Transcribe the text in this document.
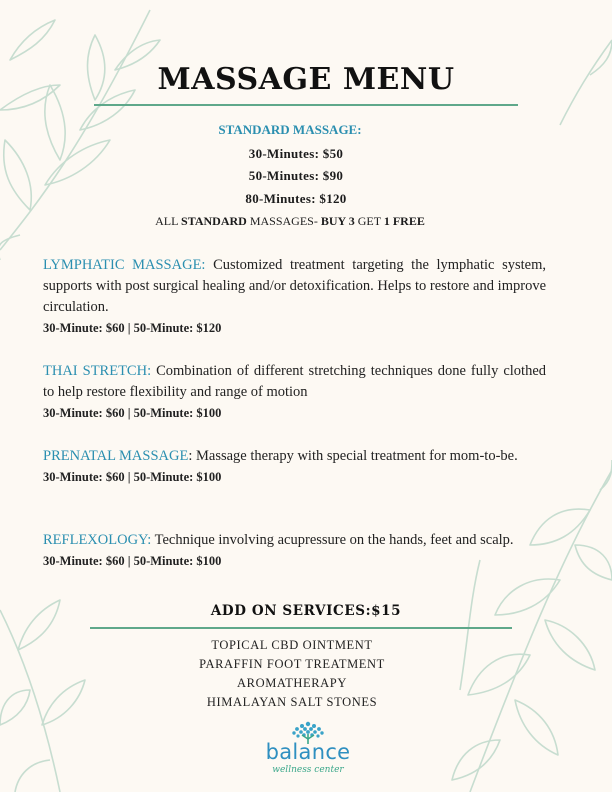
MASSAGE MENU
STANDARD MASSAGE:
30-Minutes: $50
50-Minutes: $90
80-Minutes: $120
ALL STANDARD MASSAGES- BUY 3 GET 1 FREE
LYMPHATIC MASSAGE: Customized treatment targeting the lymphatic system, supports with post surgical healing and/or detoxification. Helps to restore and improve circulation.
30-Minute: $60 | 50-Minute: $120
THAI STRETCH: Combination of different stretching techniques done fully clothed to help restore flexibility and range of motion
30-Minute: $60 | 50-Minute: $100
PRENATAL MASSAGE: Massage therapy with special treatment for mom-to-be.
30-Minute: $60 | 50-Minute: $100
REFLEXOLOGY: Technique involving acupressure on the hands, feet and scalp.
30-Minute: $60 | 50-Minute: $100
ADD ON SERVICES:$15
TOPICAL CBD OINTMENT
PARAFFIN FOOT TREATMENT
AROMATHERAPY
HIMALAYAN SALT STONES
balance
wellness center
